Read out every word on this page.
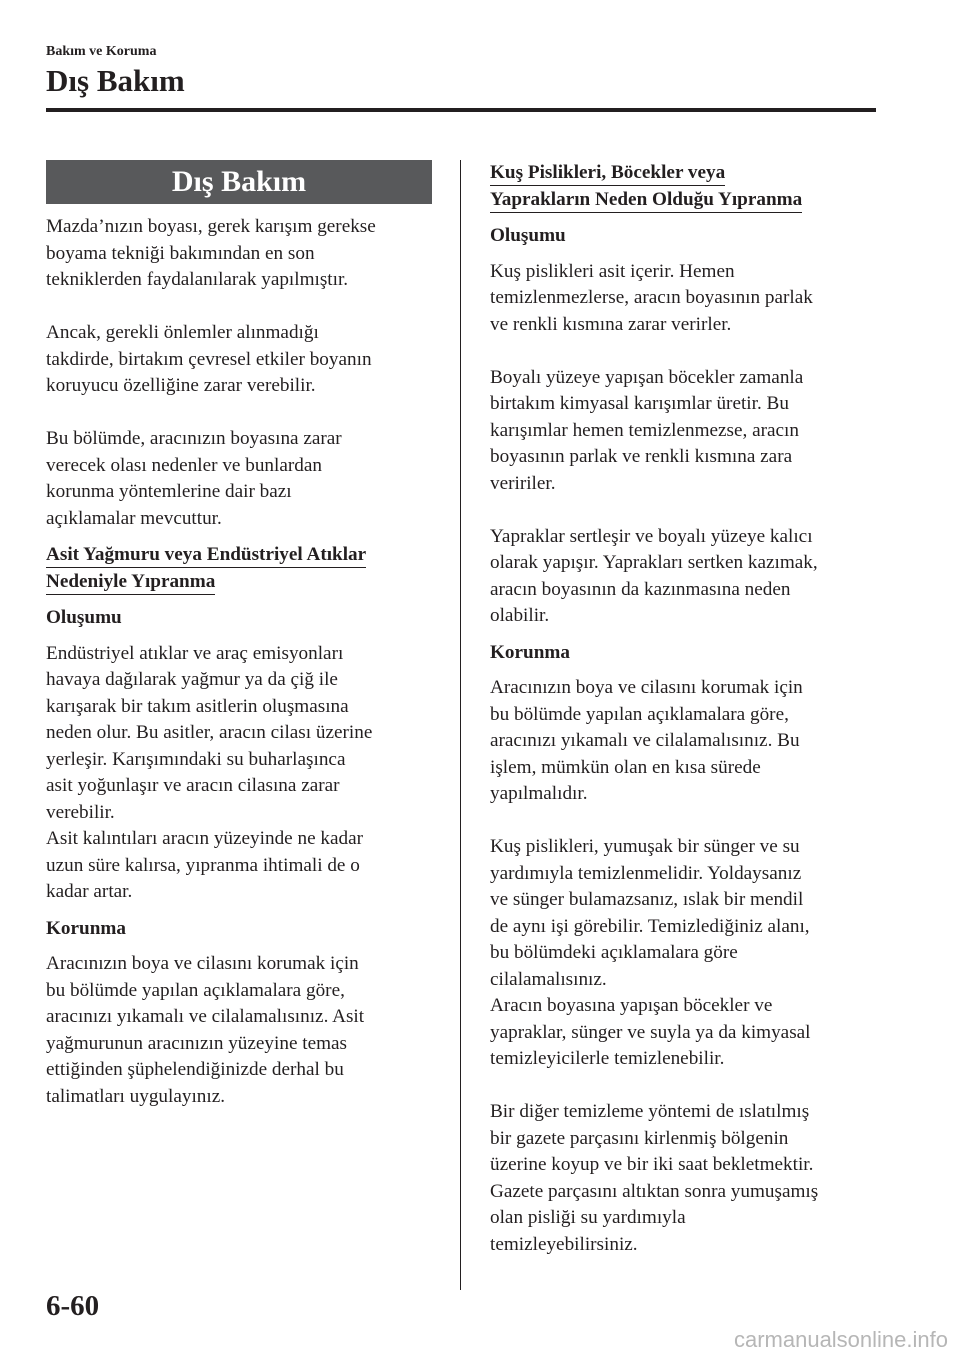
Bakım ve Koruma
Dış Bakım
Dış Bakım

Mazda’nızın boyası, gerek karışım gerekse
boyama tekniği bakımından en son
tekniklerden faydalanılarak yapılmıştır.

Ancak, gerekli önlemler alınmadığı
takdirde, birtakım çevresel etkiler boyanın
koruyucu özelliğine zarar verebilir.

Bu bölümde, aracınızın boyasına zarar
verecek olası nedenler ve bunlardan
korunma yöntemlerine dair bazı
açıklamalar mevcuttur.

Asit Yağmuru veya Endüstriyel Atıklar
Nedeniyle Yıpranma
Oluşumu

Endüstriyel atıklar ve araç emisyonları
havaya dağılarak yağmur ya da çiğ ile
karışarak bir takım asitlerin oluşmasına
neden olur. Bu asitler, aracın cilası üzerine
yerleşir. Karışımındaki su buharlaşınca
asit yoğunlaşır ve aracın cilasına zarar
verebilir.

Asit kalıntıları aracın yüzeyinde ne kadar
uzun süre kalırsa, yıpranma ihtimali de o
kadar artar.

Korunma

Aracınızın boya ve cilasını korumak için
bu bölümde yapılan açıklamalara göre,
aracınızı yıkamalı ve cilalamalısınız. Asit
yağmurunun aracınızın yüzeyine temas
ettiğinden şüphelendiğinizde derhal bu
talimatları uygulayınız.

Kuş Pislikleri, Böcekler veya
Yaprakların Neden Olduğu Yıpranma
Oluşumu

Kuş pislikleri asit içerir. Hemen
temizlenmezlerse, aracın boyasının parlak
ve renkli kısmına zarar verirler.

Boyalı yüzeye yapışan böcekler zamanla
birtakım kimyasal karışımlar üretir. Bu
karışımlar hemen temizlenmezse, aracın
boyasının parlak ve renkli kısmına zara
veririler.

Yapraklar sertleşir ve boyalı yüzeye kalıcı
olarak yapışır. Yaprakları sertken kazımak,
aracın boyasının da kazınmasına neden
olabilir.

Korunma

Aracınızın boya ve cilasını korumak için
bu bölümde yapılan açıklamalara göre,
aracınızı yıkamalı ve cilalamalısınız. Bu
işlem, mümkün olan en kısa sürede
yapılmalıdır.

Kuş pislikleri, yumuşak bir sünger ve su
yardımıyla temizlenmelidir. Yoldaysanız
ve sünger bulamazsanız, ıslak bir mendil
de aynı işi görebilir. Temizlediğiniz alanı,
bu bölümdeki açıklamalara göre
cilalamalısınız.

Aracın boyasına yapışan böcekler ve
yapraklar, sünger ve suyla ya da kimyasal
temizleyicilerle temizlenebilir.

Bir diğer temizleme yöntemi de ıslatılmış
bir gazete parçasını kirlenmiş bölgenin
üzerine koyup ve bir iki saat bekletmektir.
Gazete parçasını altıktan sonra yumuşamış
olan pisliği su yardımıyla
temizleyebilirsiniz.

6-60
carmanualsonline.info
